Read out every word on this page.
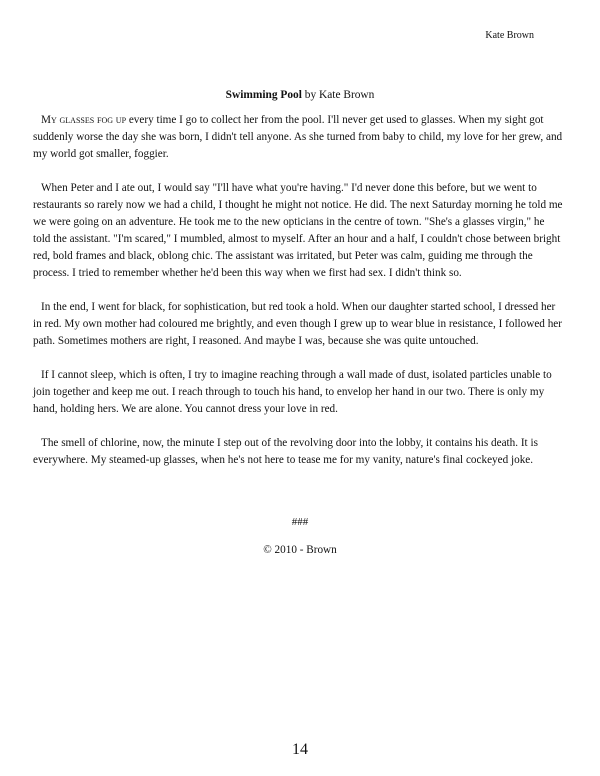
Kate Brown
Swimming Pool by Kate Brown

My glasses fog up every time I go to collect her from the pool. I'll never get used to glasses. When my sight got suddenly worse the day she was born, I didn't tell anyone. As she turned from baby to child, my love for her grew, and my world got smaller, foggier.

When Peter and I ate out, I would say "I'll have what you're having." I'd never done this before, but we went to restaurants so rarely now we had a child, I thought he might not notice. He did. The next Saturday morning he told me we were going on an adventure. He took me to the new opticians in the centre of town. "She's a glasses virgin," he told the assistant. "I'm scared," I mumbled, almost to myself. After an hour and a half, I couldn't chose between bright red, bold frames and black, oblong chic. The assistant was irritated, but Peter was calm, guiding me through the process. I tried to remember whether he'd been this way when we first had sex. I didn't think so.

In the end, I went for black, for sophistication, but red took a hold. When our daughter started school, I dressed her in red. My own mother had coloured me brightly, and even though I grew up to wear blue in resistance, I followed her path. Sometimes mothers are right, I reasoned. And maybe I was, because she was quite untouched.

If I cannot sleep, which is often, I try to imagine reaching through a wall made of dust, isolated particles unable to join together and keep me out. I reach through to touch his hand, to envelop her hand in our two. There is only my hand, holding hers. We are alone. You cannot dress your love in red.

The smell of chlorine, now, the minute I step out of the revolving door into the lobby, it contains his death. It is everywhere. My steamed-up glasses, when he's not here to tease me for my vanity, nature's final cockeyed joke.

###
© 2010 - Brown
14
